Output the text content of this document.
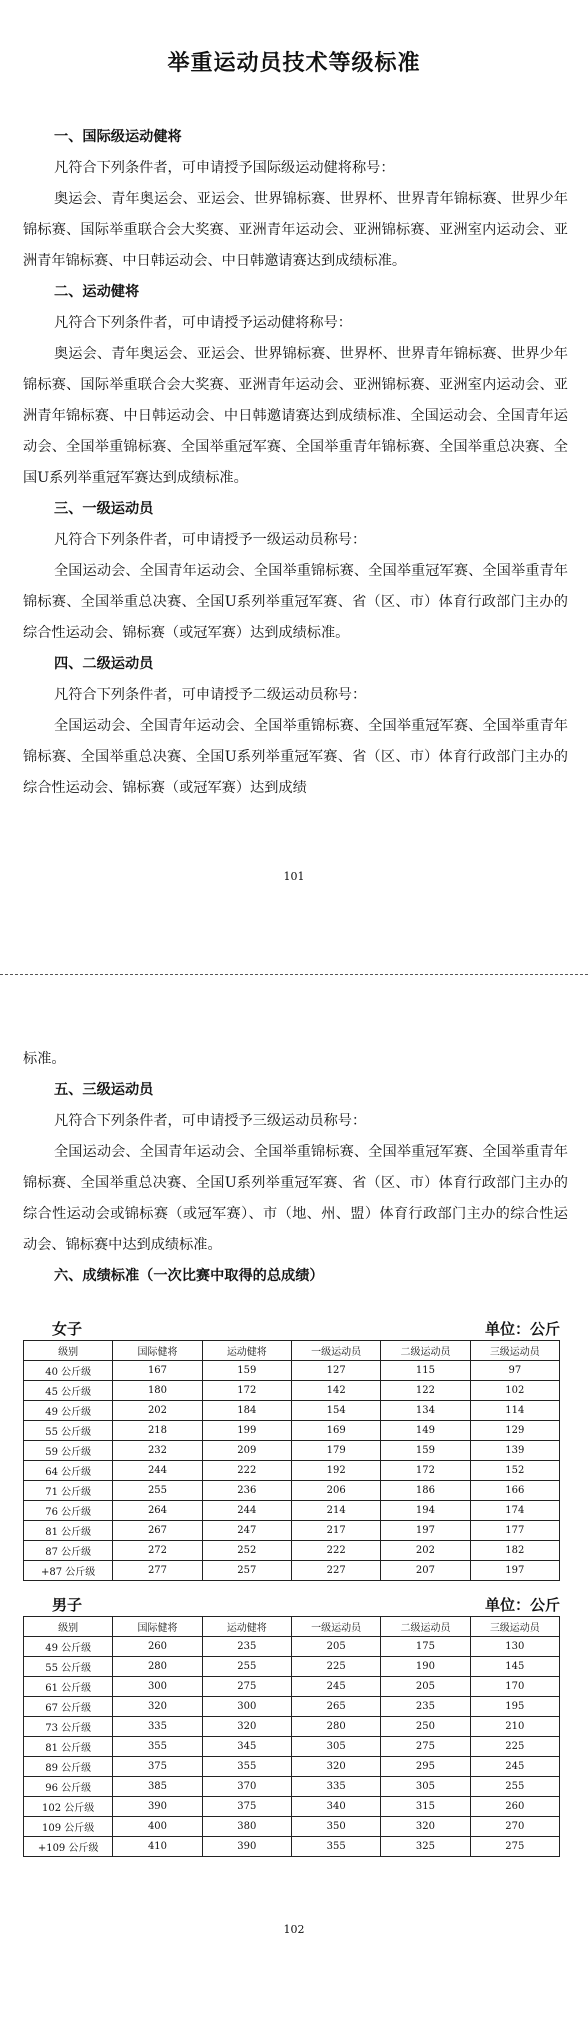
举重运动员技术等级标准
一、国际级运动健将
凡符合下列条件者，可申请授予国际级运动健将称号：
奥运会、青年奥运会、亚运会、世界锦标赛、世界杯、世界青年锦标赛、世界少年锦标赛、国际举重联合会大奖赛、亚洲青年运动会、亚洲锦标赛、亚洲室内运动会、亚洲青年锦标赛、中日韩运动会、中日韩邀请赛达到成绩标准。
二、运动健将
凡符合下列条件者，可申请授予运动健将称号：
奥运会、青年奥运会、亚运会、世界锦标赛、世界杯、世界青年锦标赛、世界少年锦标赛、国际举重联合会大奖赛、亚洲青年运动会、亚洲锦标赛、亚洲室内运动会、亚洲青年锦标赛、中日韩运动会、中日韩邀请赛达到成绩标准、全国运动会、全国青年运动会、全国举重锦标赛、全国举重冠军赛、全国举重青年锦标赛、全国举重总决赛、全国U系列举重冠军赛达到成绩标准。
三、一级运动员
凡符合下列条件者，可申请授予一级运动员称号：
全国运动会、全国青年运动会、全国举重锦标赛、全国举重冠军赛、全国举重青年锦标赛、全国举重总决赛、全国U系列举重冠军赛、省（区、市）体育行政部门主办的综合性运动会、锦标赛（或冠军赛）达到成绩标准。
四、二级运动员
凡符合下列条件者，可申请授予二级运动员称号：
全国运动会、全国青年运动会、全国举重锦标赛、全国举重冠军赛、全国举重青年锦标赛、全国举重总决赛、全国U系列举重冠军赛、省（区、市）体育行政部门主办的综合性运动会、锦标赛（或冠军赛）达到成绩
101
标准。
五、三级运动员
凡符合下列条件者，可申请授予三级运动员称号：
全国运动会、全国青年运动会、全国举重锦标赛、全国举重冠军赛、全国举重青年锦标赛、全国举重总决赛、全国U系列举重冠军赛、省（区、市）体育行政部门主办的综合性运动会或锦标赛（或冠军赛）、市（地、州、盟）体育行政部门主办的综合性运动会、锦标赛中达到成绩标准。
六、成绩标准（一次比赛中取得的总成绩）
女子	单位：公斤
级别	国际健将	运动健将	一级运动员	二级运动员	三级运动员
40 公斤级	167	159	127	115	97
45 公斤级	180	172	142	122	102
49 公斤级	202	184	154	134	114
55 公斤级	218	199	169	149	129
59 公斤级	232	209	179	159	139
64 公斤级	244	222	192	172	152
71 公斤级	255	236	206	186	166
76 公斤级	264	244	214	194	174
81 公斤级	267	247	217	197	177
87 公斤级	272	252	222	202	182
+87 公斤级	277	257	227	207	197
男子	单位：公斤
级别	国际健将	运动健将	一级运动员	二级运动员	三级运动员
49 公斤级	260	235	205	175	130
55 公斤级	280	255	225	190	145
61 公斤级	300	275	245	205	170
67 公斤级	320	300	265	235	195
73 公斤级	335	320	280	250	210
81 公斤级	355	345	305	275	225
89 公斤级	375	355	320	295	245
96 公斤级	385	370	335	305	255
102 公斤级	390	375	340	315	260
109 公斤级	400	380	350	320	270
+109 公斤级	410	390	355	325	275
102
